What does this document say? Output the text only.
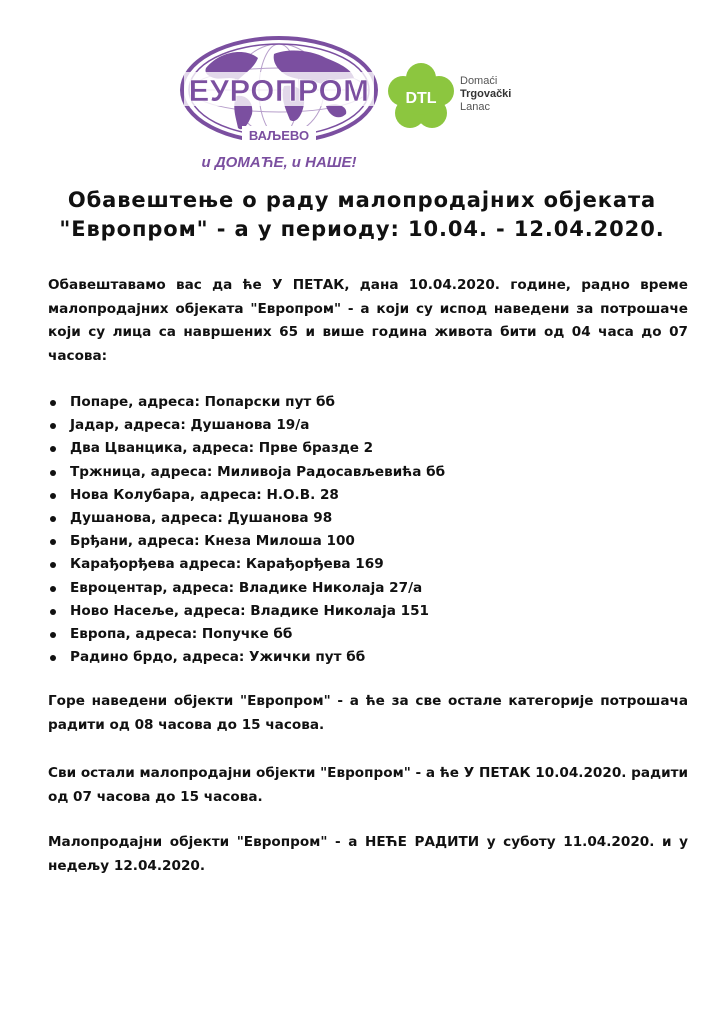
ЕУРОПРОМ
ВАЉЕВО
и ДОМАЋЕ, и НАШЕ!
DTL
Domaći
Trgovački
Lanac
Обавештење о раду малопродајних објеката
"Европром" - а у периоду: 10.04. - 12.04.2020.

Обавештавамо вас да ће У ПЕТАК, дана 10.04.2020. године, радно време малопродајних објеката "Европром" - а који су испод наведени за потрошаче који су лица са навршених 65 и више година живота бити од 04 часа до 07 часова:

Попаре, адреса: Попарски пут бб
Јадар, адреса: Душанова 19/а
Два Цванцика, адреса: Прве бразде 2
Тржница, адреса: Миливоја Радосављевића бб
Нова Колубара, адреса: Н.О.В. 28
Душанова, адреса: Душанова 98
Брђани, адреса: Кнеза Милоша 100
Карађорђева адреса: Карађорђева 169
Евроцентар, адреса: Владике Николаја 27/а
Ново Насеље, адреса: Владике Николаја 151
Европа, адреса: Попучке бб
Радино брдо, адреса: Ужички пут бб

Горе наведени објекти "Европром" - а ће за све остале категорије потрошача радити од 08 часова до 15 часова.

Сви остали малопродајни објекти "Европром" - а ће У ПЕТАК 10.04.2020. радити од 07 часова до 15 часова.

Малопродајни објекти "Европром" - а НЕЋЕ РАДИТИ у суботу 11.04.2020. и у недељу 12.04.2020.
